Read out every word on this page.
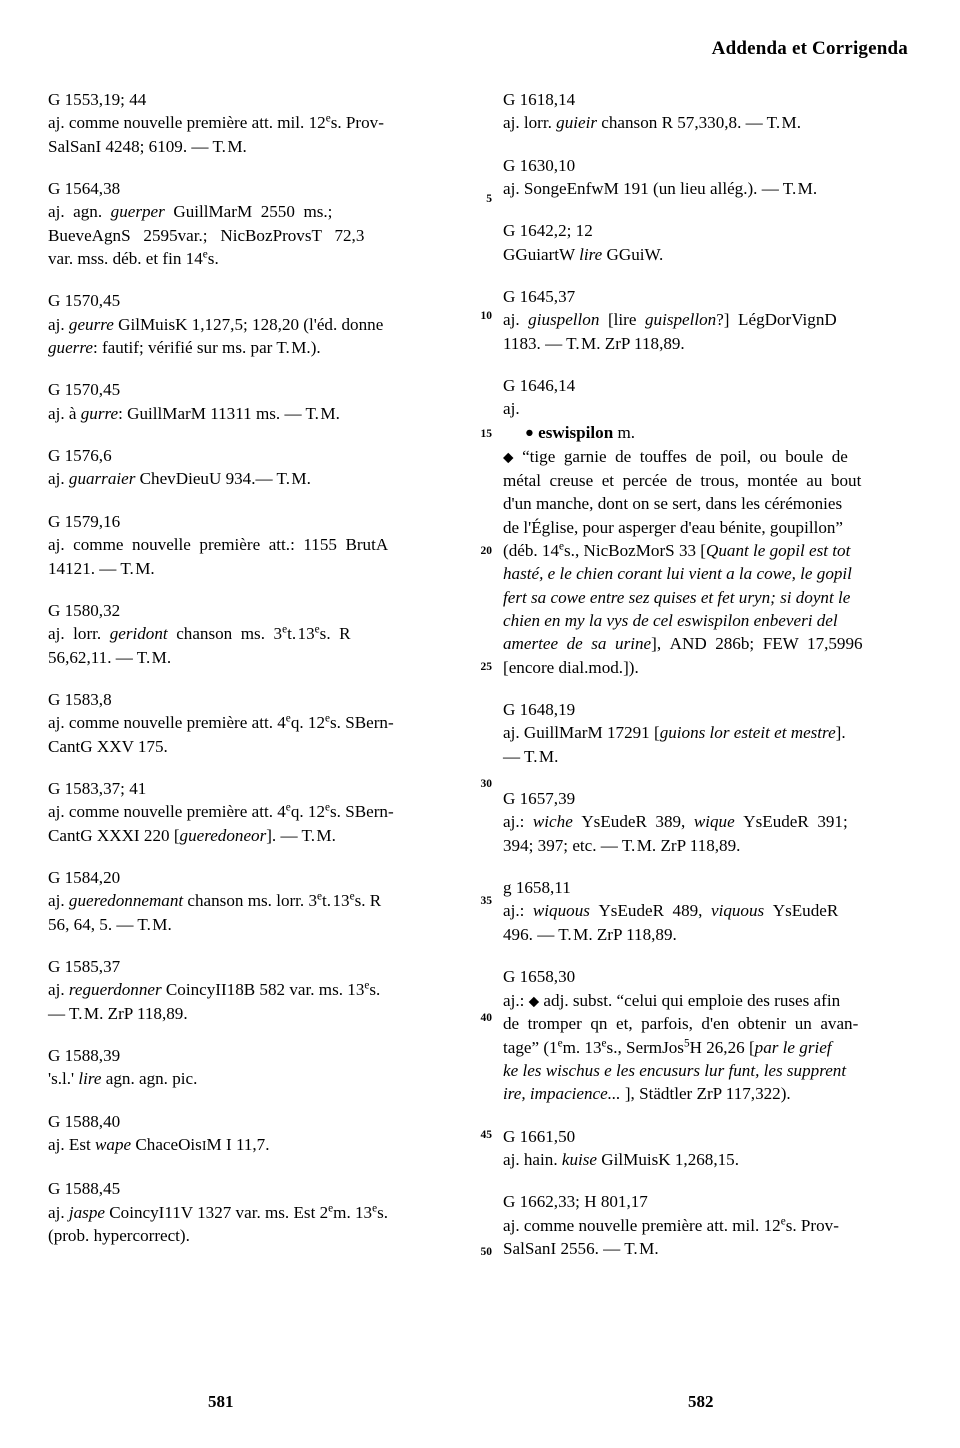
Addenda et Corrigenda

G 1553,19; 44

aj. comme nouvelle première att. mil. 12es. Prov-

SalSanI 4248; 6109. — T. M.

G 1564,38

aj.  agn.  guerper  GuillMarM  2550  ms.;

BueveAgnS   2595var.;   NicBozProvsT   72,3

var. mss. déb. et fin 14es.

G 1570,45

aj. geurre GilMuisK 1,127,5; 128,20 (l'éd. donne

guerre: fautif; vérifié sur ms. par T. M.).

G 1570,45

aj. à gurre: GuillMarM 11311 ms. — T. M.

G 1576,6

aj. guarraier ChevDieuU 934.— T. M.

G 1579,16

aj.  comme  nouvelle  première  att.:  1155  BrutA

14121. — T. M.

G 1580,32

aj.  lorr.  geridont  chanson  ms.  3et. 13es.  R

56,62,11. — T. M.

G 1583,8

aj. comme nouvelle première att. 4eq. 12es. SBern-

CantG XXV 175.

G 1583,37; 41

aj. comme nouvelle première att. 4eq. 12es. SBern-

CantG XXXI 220 [gueredoneor]. — T. M.

G 1584,20

aj. gueredonnemant chanson ms. lorr. 3et. 13es. R

56, 64, 5. — T. M.

G 1585,37

aj. reguerdonner CoincyII18B 582 var. ms. 13es.

— T. M. ZrP 118,89.

G 1588,39

's.l.' lire agn. agn. pic.

G 1588,40

aj. Est wape ChaceOisIM I 11,7.

G 1588,45

aj. jaspe CoincyI11V 1327 var. ms. Est 2em. 13es.

(prob. hypercorrect).

G 1618,14

aj. lorr. guieir chanson R 57,330,8. — T. M.

G 1630,10

aj. SongeEnfwM 191 (un lieu allég.). — T. M.

G 1642,2; 12

GGuiartW lire GGuiW.

G 1645,37

aj.  giuspellon  [lire  guispellon?]  LégDorVignD

1183. — T. M. ZrP 118,89.

G 1646,14

aj.

● eswispilon m.

◆  “tige  garnie  de  touffes  de  poil,  ou  boule  de

métal  creuse  et  percée  de  trous,  montée  au  bout

d'un manche, dont on se sert, dans les cérémonies

de l'Église, pour asperger d'eau bénite, goupillon”

(déb. 14es., NicBozMorS 33 [Quant le gopil est tot

hasté, e le chien corant lui vient a la cowe, le gopil

fert sa cowe entre sez quises et fet uryn; si doynt le

chien en my la vys de cel eswispilon enbeveri del

amertee  de  sa  urine],  AND  286b;  FEW  17,5996

[encore dial.mod.]).

G 1648,19

aj. GuillMarM 17291 [guions lor esteit et mestre].

— T. M.

G 1657,39

aj.:  wiche  YsEudeR  389,  wique  YsEudeR  391;

394; 397; etc. — T. M. ZrP 118,89.

g 1658,11

aj.:  wiquous  YsEudeR  489,  viquous  YsEudeR

496. — T. M. ZrP 118,89.

G 1658,30

aj.: ◆ adj. subst. “celui qui emploie des ruses afin

de  tromper  qn  et,  parfois,  d'en  obtenir  un  avan-

tage” (1em. 13es., SermJos$^5$H 26,26 [par le grief

ke les wischus e les encusurs lur funt, les supprent

ire, impacience... ], Städtler ZrP 117,322).

G 1661,50

aj. hain. kuise GilMuisK 1,268,15.

G 1662,33; H 801,17

aj. comme nouvelle première att. mil. 12es. Prov-

SalSanI 2556. — T. M.

5
10
15
20
25
30
35
40
45
50
581	582
